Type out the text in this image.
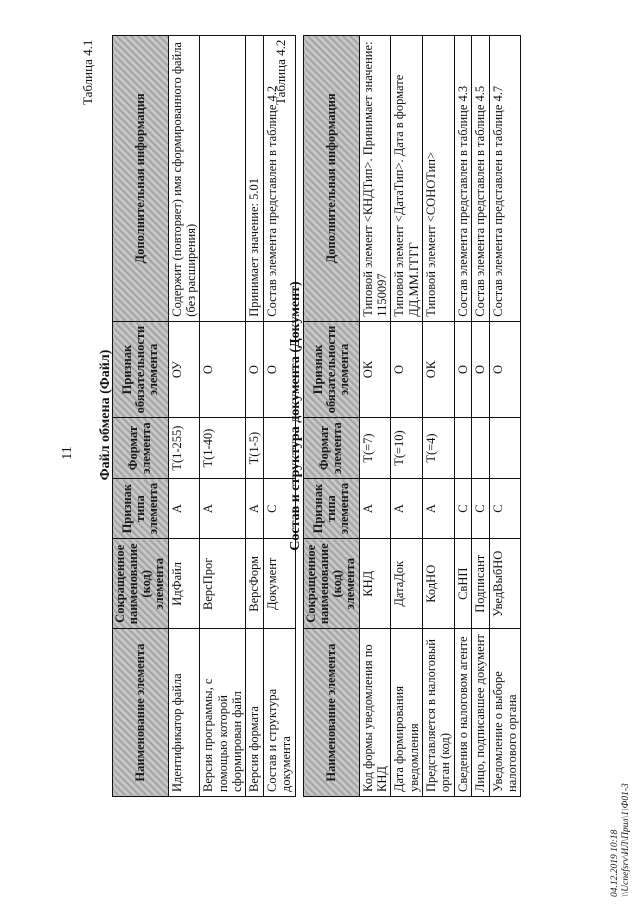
11
Таблица 4.1
Файл обмена (Файл)
Наименование элемента	Сокращенное наименование (код) элемента	Признак типа элемента	Формат элемента	Признак обязательности элемента	Дополнительная информация
Идентификатор файла	ИдФайл	А	Т(1-255)	ОУ	Содержит (повторяет) имя сформированного файла (без расширения)
Версия программы, с помощью которой сформирован файл	ВерсПрог	А	Т(1-40)	О	
Версия формата	ВерсФорм	А	Т(1-5)	О	Принимает значение: 5.01
Состав и структура документа	Документ	С		О	Состав элемента представлен в таблице 4.2
Таблица 4.2
Состав и структура документа (Документ)
Наименование элемента	Сокращенное наименование (код) элемента	Признак типа элемента	Формат элемента	Признак обязательности элемента	Дополнительная информация
Код формы уведомления по КНД	КНД	А	Т(=7)	ОК	Типовой элемент <КНДТип>. Принимает значение: 1150097
Дата формирования уведомления	ДатаДок	А	Т(=10)	О	Типовой элемент <ДатаТип>. Дата в формате ДД.ММ.ГГГГ
Представляется в налоговый орган (код)	КодНО	А	Т(=4)	ОК	Типовой элемент <СОНОТип>
Сведения о налоговом агенте	СвНП	С		О	Состав элемента представлен в таблице 4.3
Лицо, подписавшее документ	Подписант	С		О	Состав элемента представлен в таблице 4.5
Уведомление о выборе налогового органа	УведВыбНО	С		О	Состав элемента представлен в таблице 4.7
04.12.2019 10:18 \\Ucnefsrv\ИЛ\Прил\1\Ф01-3
